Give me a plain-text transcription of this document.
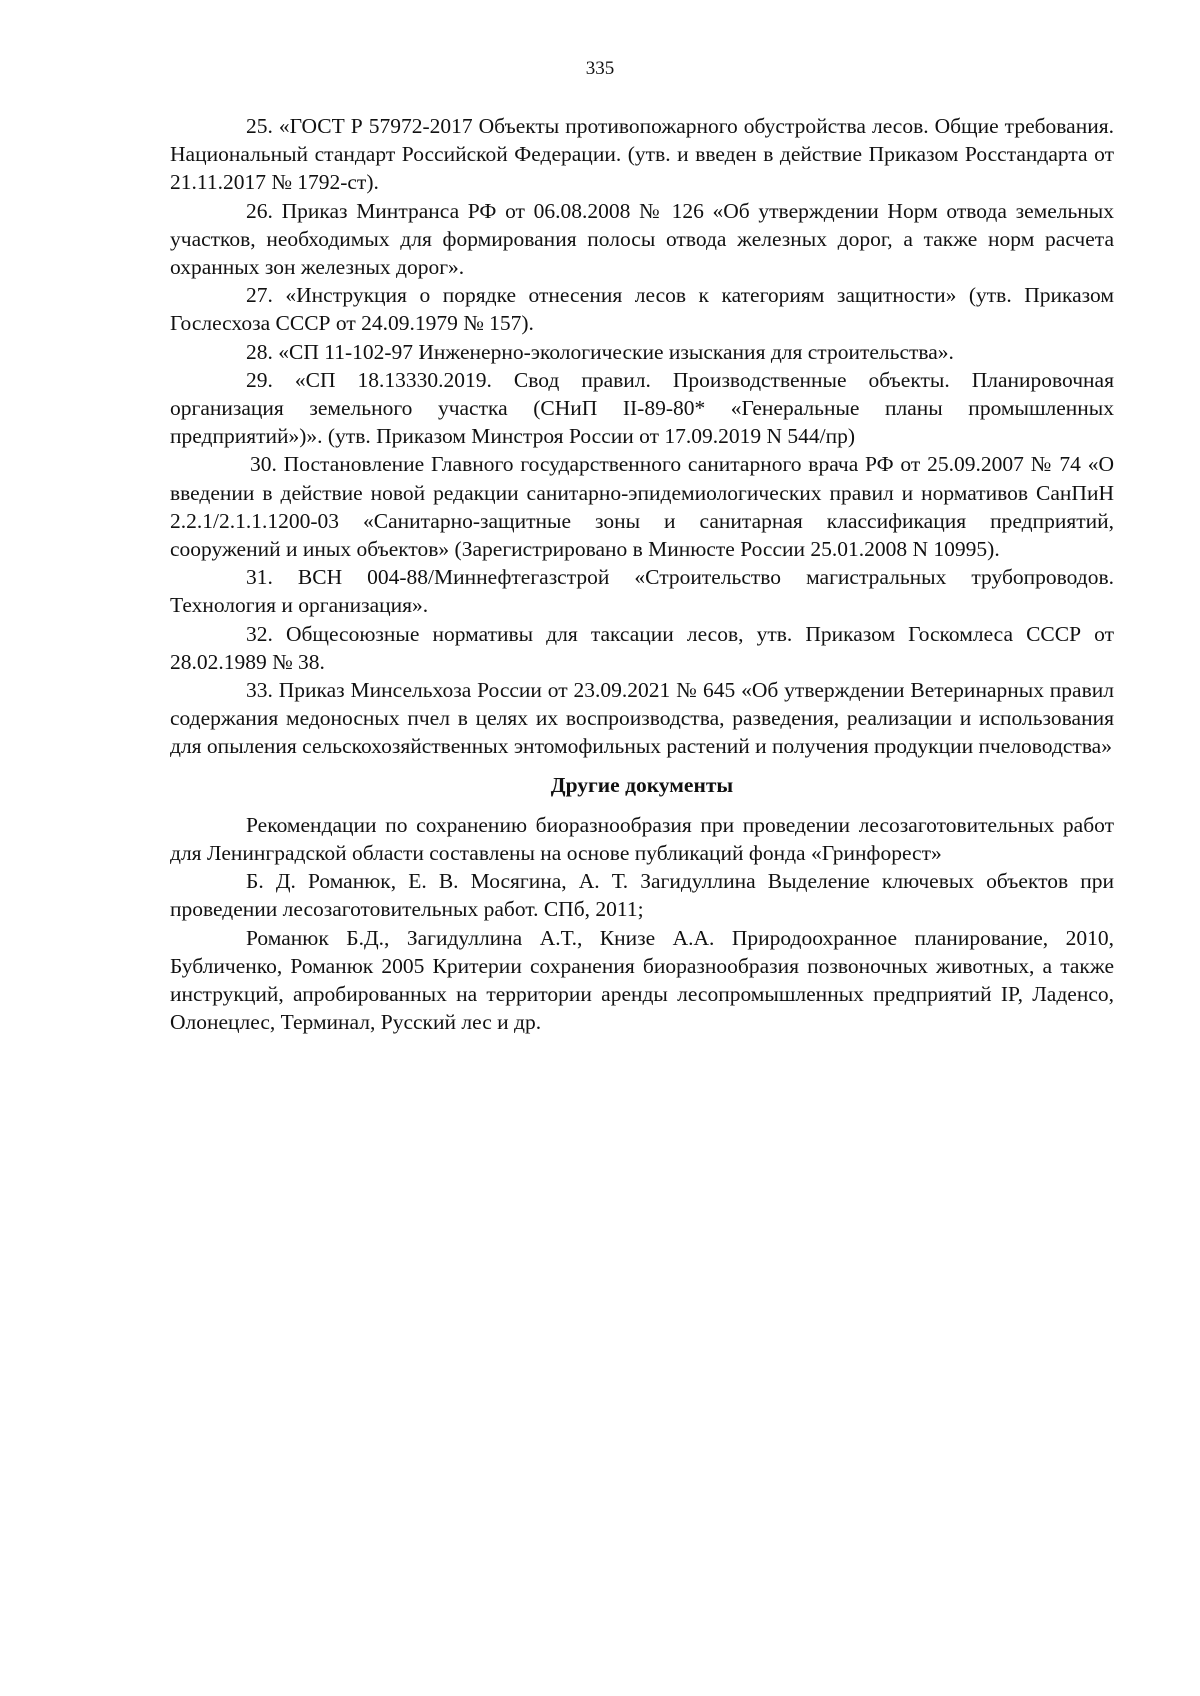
335

25. «ГОСТ Р 57972-2017 Объекты противопожарного обустройства лесов. Общие требования. Национальный стандарт Российской Федерации. (утв. и введен в действие Приказом Росстандарта от 21.11.2017 № 1792-ст).

26. Приказ Минтранса РФ от 06.08.2008 № 126 «Об утверждении Норм отвода земельных участков, необходимых для формирования полосы отвода железных дорог, а также норм расчета охранных зон железных дорог».

27. «Инструкция о порядке отнесения лесов к категориям защитности» (утв. Приказом Гослесхоза СССР от 24.09.1979 № 157).

28. «СП 11-102-97 Инженерно-экологические изыскания для строительства».

29. «СП 18.13330.2019. Свод правил. Производственные объекты. Планировочная организация земельного участка (СНиП II-89-80* «Генеральные планы промышленных предприятий»)». (утв. Приказом Минстроя России от 17.09.2019 N 544/пр)

30. Постановление Главного государственного санитарного врача РФ от 25.09.2007 № 74 «О введении в действие новой редакции санитарно-эпидемиологических правил и нормативов СанПиН 2.2.1/2.1.1.1200-03 «Санитарно-защитные зоны и санитарная классификация предприятий, сооружений и иных объектов» (Зарегистрировано в Минюсте России 25.01.2008 N 10995).

31. ВСН 004-88/Миннефтегазстрой «Строительство магистральных трубопроводов. Технология и организация».

32. Общесоюзные нормативы для таксации лесов, утв. Приказом Госкомлеса СССР от 28.02.1989 № 38.

33. Приказ Минсельхоза России от 23.09.2021 № 645 «Об утверждении Ветеринарных правил содержания медоносных пчел в целях их воспроизводства, разведения, реализации и использования для опыления сельскохозяйственных энтомофильных растений и получения продукции пчеловодства»

Другие документы

Рекомендации по сохранению биоразнообразия при проведении лесозаготовительных работ для Ленинградской области составлены на основе публикаций фонда «Гринфорест»

Б. Д. Романюк, Е. В. Мосягина, А. Т. Загидуллина Выделение ключевых объектов при проведении лесозаготовительных работ. СПб, 2011;

Романюк Б.Д., Загидуллина А.Т., Книзе А.А. Природоохранное планирование, 2010, Бубличенко, Романюк 2005 Критерии сохранения биоразнообразия позвоночных животных, а также инструкций, апробированных на территории аренды лесопромышленных предприятий IP, Ладенсо, Олонецлес, Терминал, Русский лес и др.
